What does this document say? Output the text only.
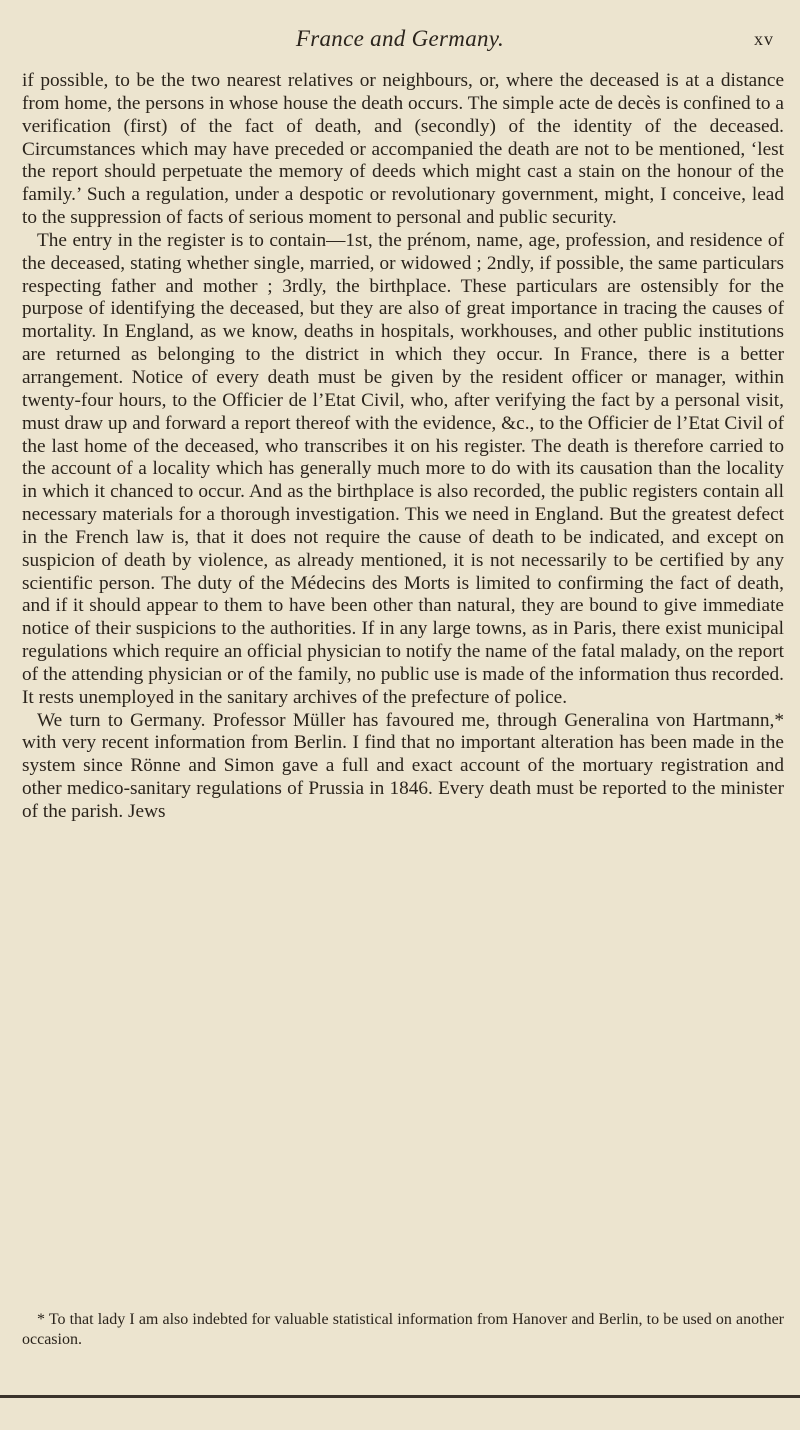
France and Germany.	xv

if possible, to be the two nearest relatives or neighbours, or, where the deceased is at a distance from home, the persons in whose house the death occurs. The simple acte de decès is confined to a verification (first) of the fact of death, and (secondly) of the identity of the deceased. Circumstances which may have preceded or accompanied the death are not to be mentioned, ‘lest the report should perpetuate the memory of deeds which might cast a stain on the honour of the family.’ Such a regulation, under a despotic or revolutionary government, might, I conceive, lead to the suppression of facts of serious moment to personal and public security.

The entry in the register is to contain—1st, the prénom, name, age, profession, and residence of the deceased, stating whether single, married, or widowed ; 2ndly, if possible, the same particulars respecting father and mother ; 3rdly, the birthplace. These particulars are ostensibly for the purpose of identifying the deceased, but they are also of great importance in tracing the causes of mortality. In England, as we know, deaths in hospitals, workhouses, and other public institutions are returned as belonging to the district in which they occur. In France, there is a better arrangement. Notice of every death must be given by the resident officer or manager, within twenty-four hours, to the Officier de l’Etat Civil, who, after verifying the fact by a personal visit, must draw up and forward a report thereof with the evidence, &c., to the Officier de l’Etat Civil of the last home of the deceased, who transcribes it on his register. The death is therefore carried to the account of a locality which has generally much more to do with its causation than the locality in which it chanced to occur. And as the birthplace is also recorded, the public registers contain all necessary materials for a thorough investigation. This we need in England. But the greatest defect in the French law is, that it does not require the cause of death to be indicated, and except on suspicion of death by violence, as already mentioned, it is not necessarily to be certified by any scientific person. The duty of the Médecins des Morts is limited to confirming the fact of death, and if it should appear to them to have been other than natural, they are bound to give immediate notice of their suspicions to the authorities. If in any large towns, as in Paris, there exist municipal regulations which require an official physician to notify the name of the fatal malady, on the report of the attending physician or of the family, no public use is made of the information thus recorded. It rests unemployed in the sanitary archives of the prefecture of police.

We turn to Germany. Professor Müller has favoured me, through Generalina von Hartmann,* with very recent information from Berlin. I find that no important alteration has been made in the system since Rönne and Simon gave a full and exact account of the mortuary registration and other medico-sanitary regulations of Prussia in 1846. Every death must be reported to the minister of the parish. Jews

* To that lady I am also indebted for valuable statistical information from Hanover and Berlin, to be used on another occasion.
